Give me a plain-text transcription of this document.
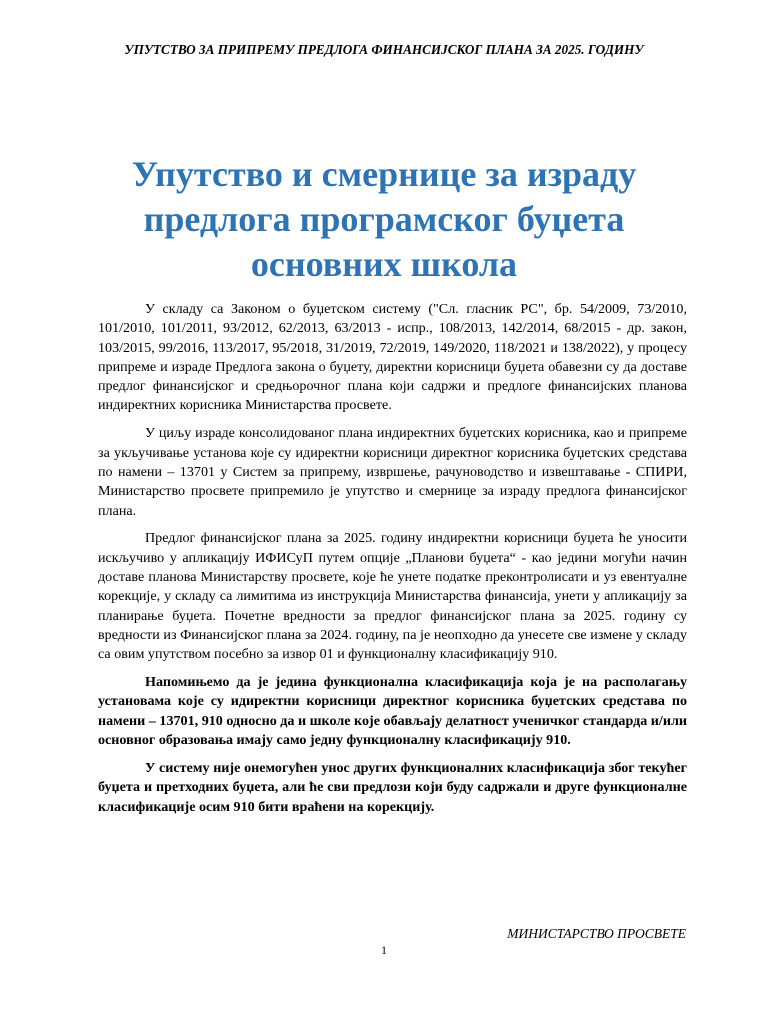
УПУТСТВО ЗА ПРИПРЕМУ ПРЕДЛОГА ФИНАНСИЈСКОГ ПЛАНА ЗА 2025. ГОДИНУ
Упутство и смернице за израду предлога програмског буџета основних школа

У складу са Законом о буџетском систему ("Сл. гласник РС", бр. 54/2009, 73/2010, 101/2010, 101/2011, 93/2012, 62/2013, 63/2013 - испр., 108/2013, 142/2014, 68/2015 - др. закон, 103/2015, 99/2016, 113/2017, 95/2018, 31/2019, 72/2019, 149/2020, 118/2021 и 138/2022), у процесу припреме и израде Предлога закона о буџету, директни корисници буџета обавезни су да доставе предлог финансијског и средњорочног плана који садржи и предлоге финансијских планова индиректних корисника Министарства просвете.

У циљу израде консолидованог плана индиректних буџетских корисника, као и припреме за укључивање установа које су идиректни корисници директног корисника буџетских средстава по намени – 13701 у Систем за припрему, извршење, рачуноводство и извештавање - СПИРИ, Министарство просвете припремило је упутство и смернице за израду предлога финансијског плана.

Предлог финансијског плана за 2025. годину индиректни корисници буџета ће уносити искључиво у апликацију ИФИСуП путем опције „Планови буџета“ - као једини могући начин доставе планова Министарству просвете, које ће унете податке преконтролисати и уз евентуалне корекције, у складу са лимитима из инструкција Министарства финансија, унети у апликацију за планирање буџета. Почетне вредности за предлог финансијског плана за 2025. годину су вредности из Финансијског плана за 2024. годину, па је неопходно да унесете све измене у складу са овим упутством посебно за извор 01 и функционалну класификацију 910.

Напомињемо да је једина функционална класификација која је на располагању установама које су идиректни корисници директног корисника буџетских средстава по намени – 13701, 910 односно да и школе које обављају делатност ученичког стандарда и/или основног образовања имају само једну функционалну класификацију 910.

У систему није онемогућен унос других функционалних класификација због текућег буџета и претходних буџета, али ће сви предлози који буду садржали и друге функционалне класификације осим 910 бити враћени на корекцију.

МИНИСТАРСТВО ПРОСВЕТЕ
1
